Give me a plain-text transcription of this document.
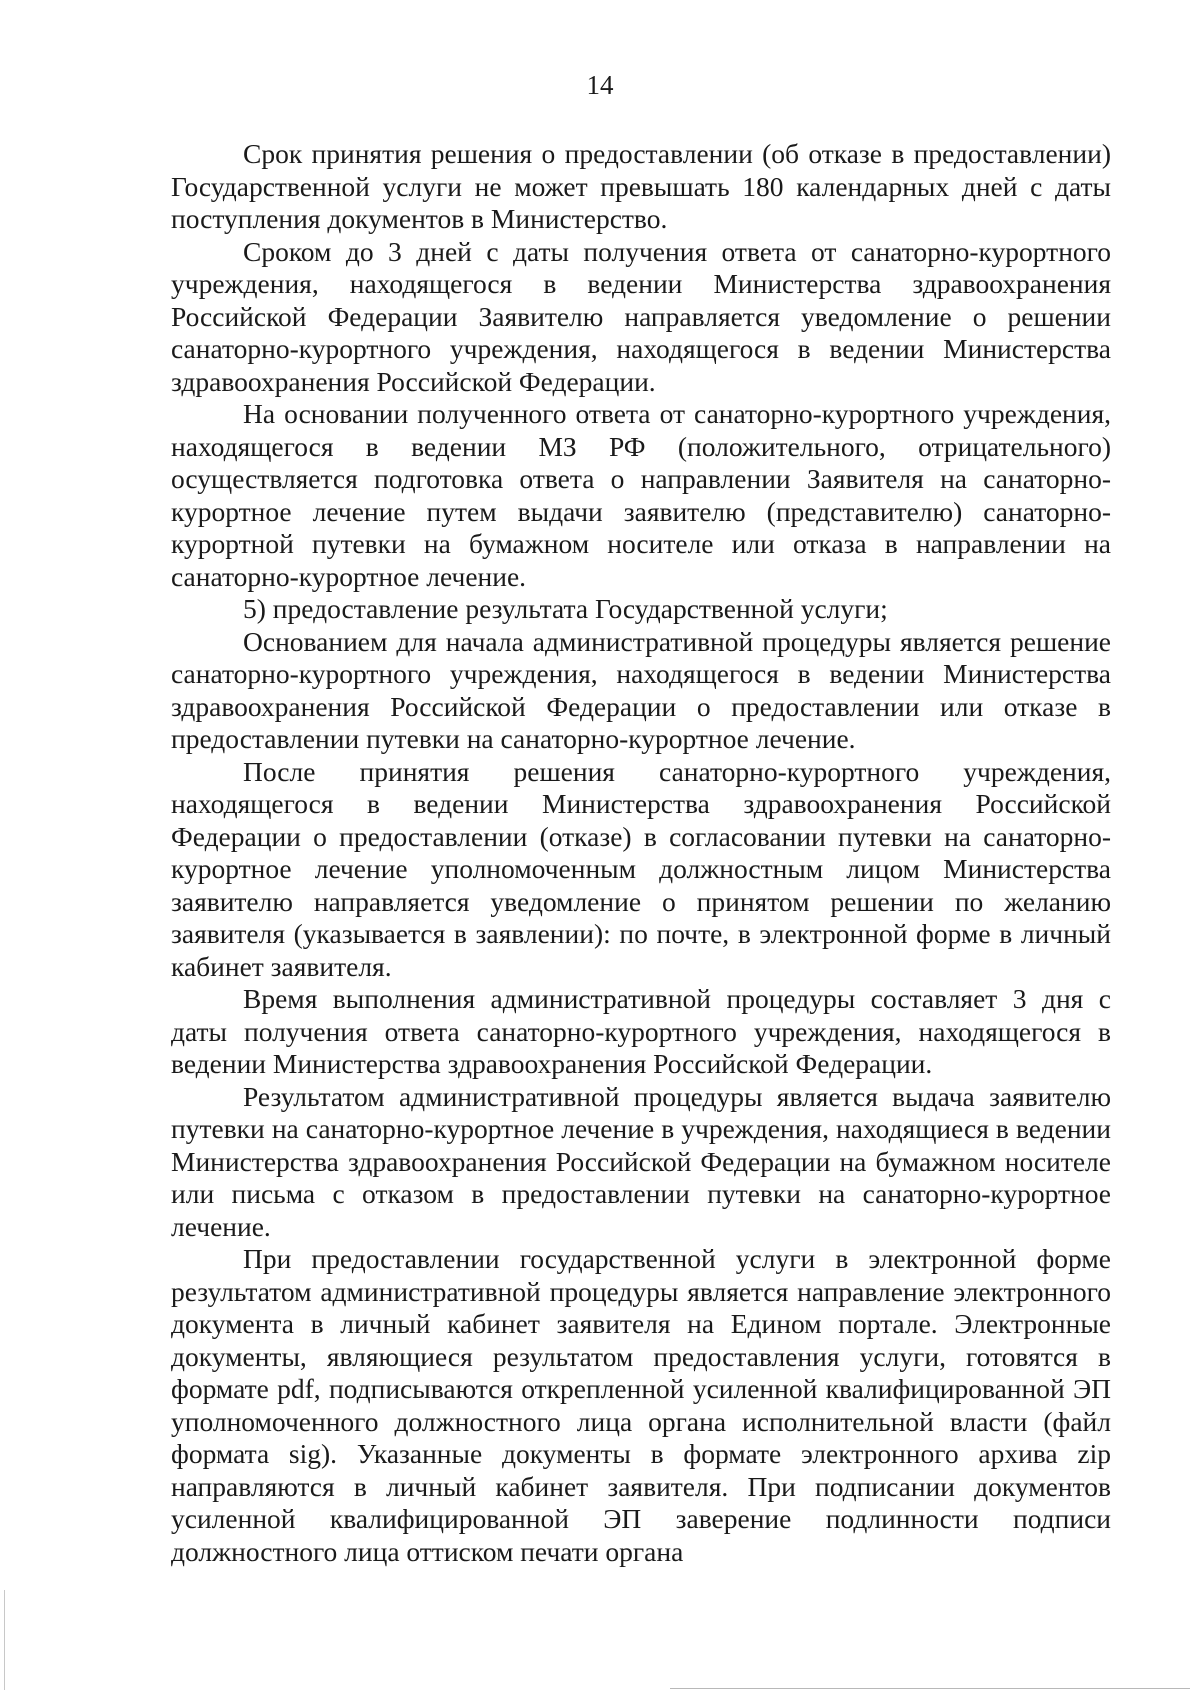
14

Срок принятия решения о предоставлении (об отказе в предоставлении) Государственной услуги не может превышать 180 календарных дней с даты поступления документов в Министерство.

Сроком до 3 дней с даты получения ответа от санаторно-курортного учреждения, находящегося в ведении Министерства здравоохранения Российской Федерации Заявителю направляется уведомление о решении санаторно-курортного учреждения, находящегося в ведении Министерства здравоохранения Российской Федерации.

На основании полученного ответа от санаторно-курортного учреждения, находящегося в ведении МЗ РФ (положительного, отрицательного) осуществляется подготовка ответа о направлении Заявителя на санаторно-курортное лечение путем выдачи заявителю (представителю) санаторно-курортной путевки на бумажном носителе или отказа в направлении на санаторно-курортное лечение.

5) предоставление результата Государственной услуги;

Основанием для начала административной процедуры является решение санаторно-курортного учреждения, находящегося в ведении Министерства здравоохранения Российской Федерации о предоставлении или отказе в предоставлении путевки на санаторно-курортное лечение.

После принятия решения санаторно-курортного учреждения, находящегося в ведении Министерства здравоохранения Российской Федерации о предоставлении (отказе) в согласовании путевки на санаторно-курортное лечение уполномоченным должностным лицом Министерства заявителю направляется уведомление о принятом решении по желанию заявителя (указывается в заявлении): по почте, в электронной форме в личный кабинет заявителя.

Время выполнения административной процедуры составляет 3 дня с даты получения ответа санаторно-курортного учреждения, находящегося в ведении Министерства здравоохранения Российской Федерации.

Результатом административной процедуры является выдача заявителю путевки на санаторно-курортное лечение в учреждения, находящиеся в ведении Министерства здравоохранения Российской Федерации на бумажном носителе или письма с отказом в предоставлении путевки на санаторно-курортное лечение.

При предоставлении государственной услуги в электронной форме результатом административной процедуры является направление электронного документа в личный кабинет заявителя на Едином портале. Электронные документы, являющиеся результатом предоставления услуги, готовятся в формате pdf, подписываются открепленной усиленной квалифицированной ЭП уполномоченного должностного лица органа исполнительной власти (файл формата sig). Указанные документы в формате электронного архива zip направляются в личный кабинет заявителя. При подписании документов усиленной квалифицированной ЭП заверение подлинности подписи должностного лица оттиском печати органа
